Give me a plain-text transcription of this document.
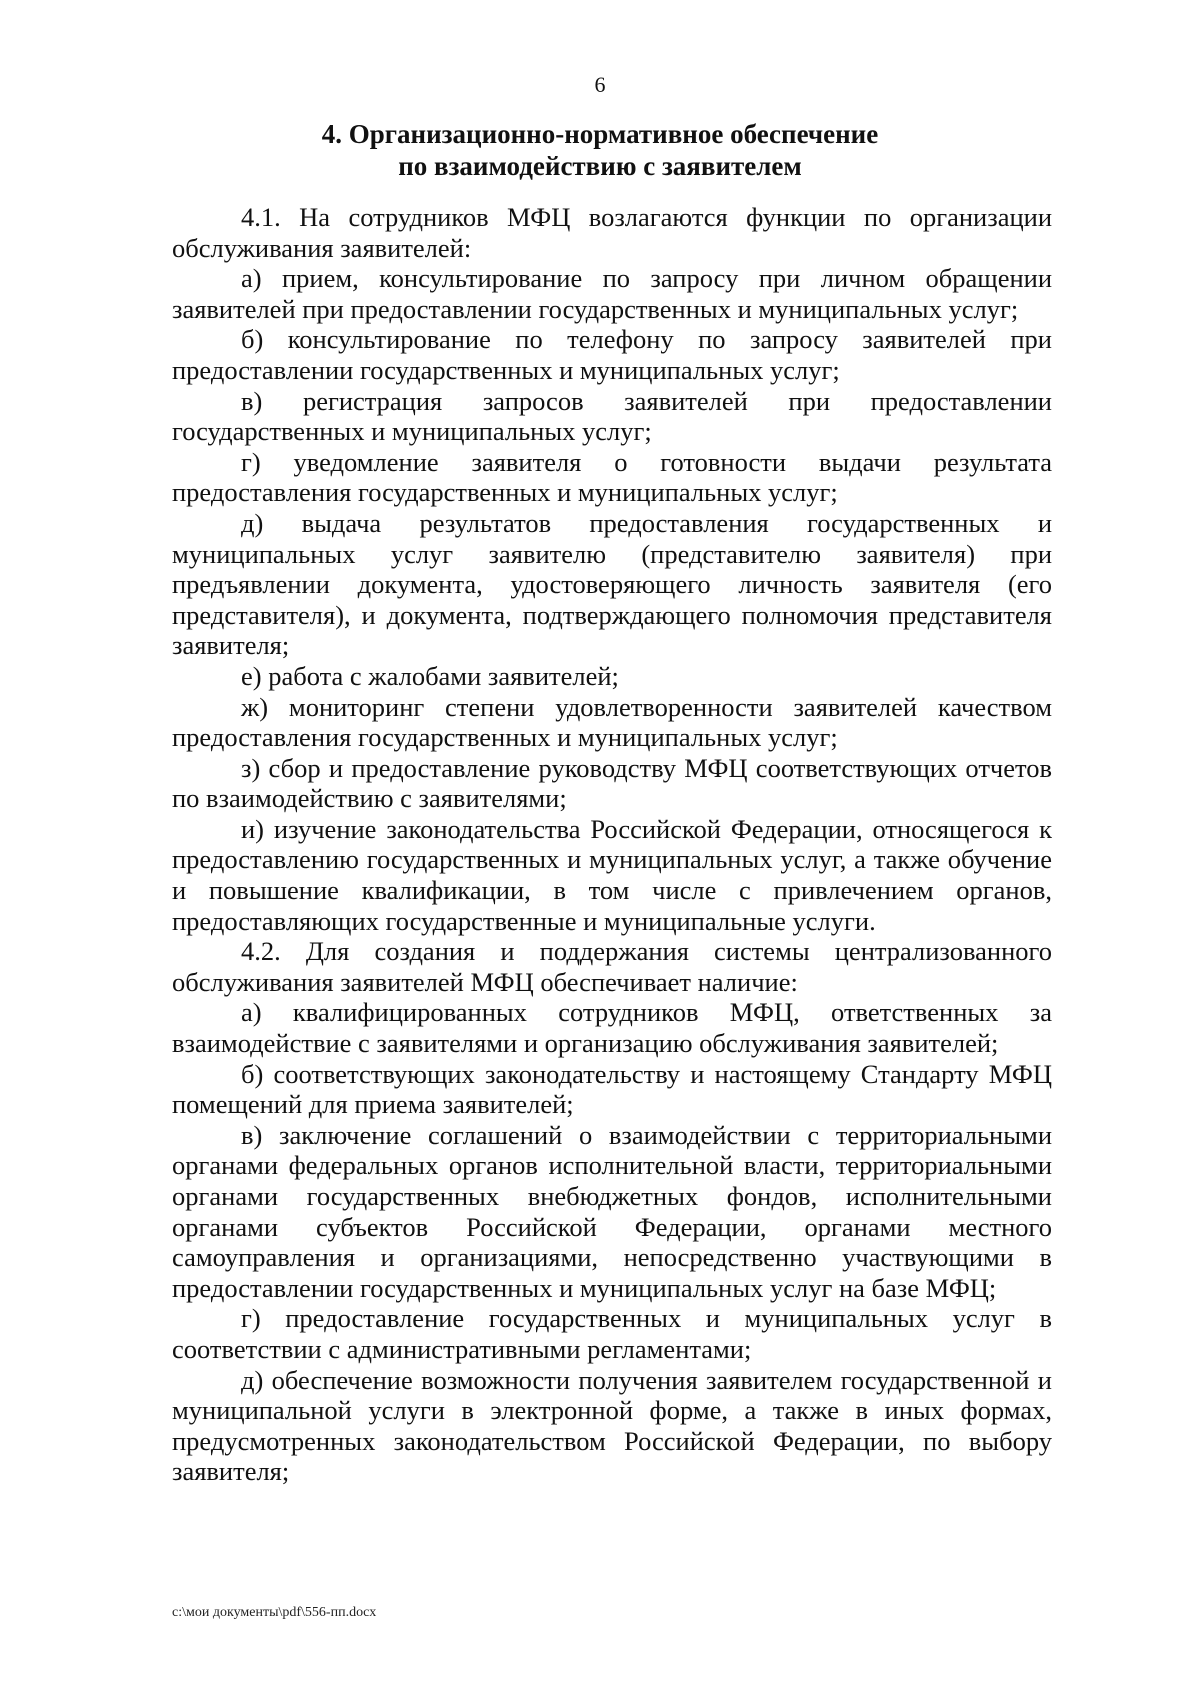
6
4. Организационно-нормативное обеспечение
по взаимодействию с заявителем

4.1. На сотрудников МФЦ возлагаются функции по организации обслуживания заявителей:

а) прием, консультирование по запросу при личном обращении заявителей при предоставлении государственных и муниципальных услуг;

б) консультирование по телефону по запросу заявителей при предоставлении государственных и муниципальных услуг;

в) регистрация запросов заявителей при предоставлении государственных и муниципальных услуг;

г) уведомление заявителя о готовности выдачи результата предоставления государственных и муниципальных услуг;

д) выдача результатов предоставления государственных и муниципальных услуг заявителю (представителю заявителя) при предъявлении документа, удостоверяющего личность заявителя (его представителя), и документа, подтверждающего полномочия представителя заявителя;

е) работа с жалобами заявителей;

ж) мониторинг степени удовлетворенности заявителей качеством предоставления государственных и муниципальных услуг;

з) сбор и предоставление руководству МФЦ соответствующих отчетов по взаимодействию с заявителями;

и) изучение законодательства Российской Федерации, относящегося к предоставлению государственных и муниципальных услуг, а также обучение и повышение квалификации, в том числе с привлечением органов, предоставляющих государственные и муниципальные услуги.

4.2. Для создания и поддержания системы централизованного обслуживания заявителей МФЦ обеспечивает наличие:

а) квалифицированных сотрудников МФЦ, ответственных за взаимодействие с заявителями и организацию обслуживания заявителей;

б) соответствующих законодательству и настоящему Стандарту МФЦ помещений для приема заявителей;

в) заключение соглашений о взаимодействии с территориальными органами федеральных органов исполнительной власти, территориальными органами государственных внебюджетных фондов, исполнительными органами субъектов Российской Федерации, органами местного самоуправления и организациями, непосредственно участвующими в предоставлении государственных и муниципальных услуг на базе МФЦ;

г) предоставление государственных и муниципальных услуг в соответствии с административными регламентами;

д) обеспечение возможности получения заявителем государственной и муниципальной услуги в электронной форме, а также в иных формах, предусмотренных законодательством Российской Федерации, по выбору заявителя;

c:\мои документы\pdf\556-пп.docx
